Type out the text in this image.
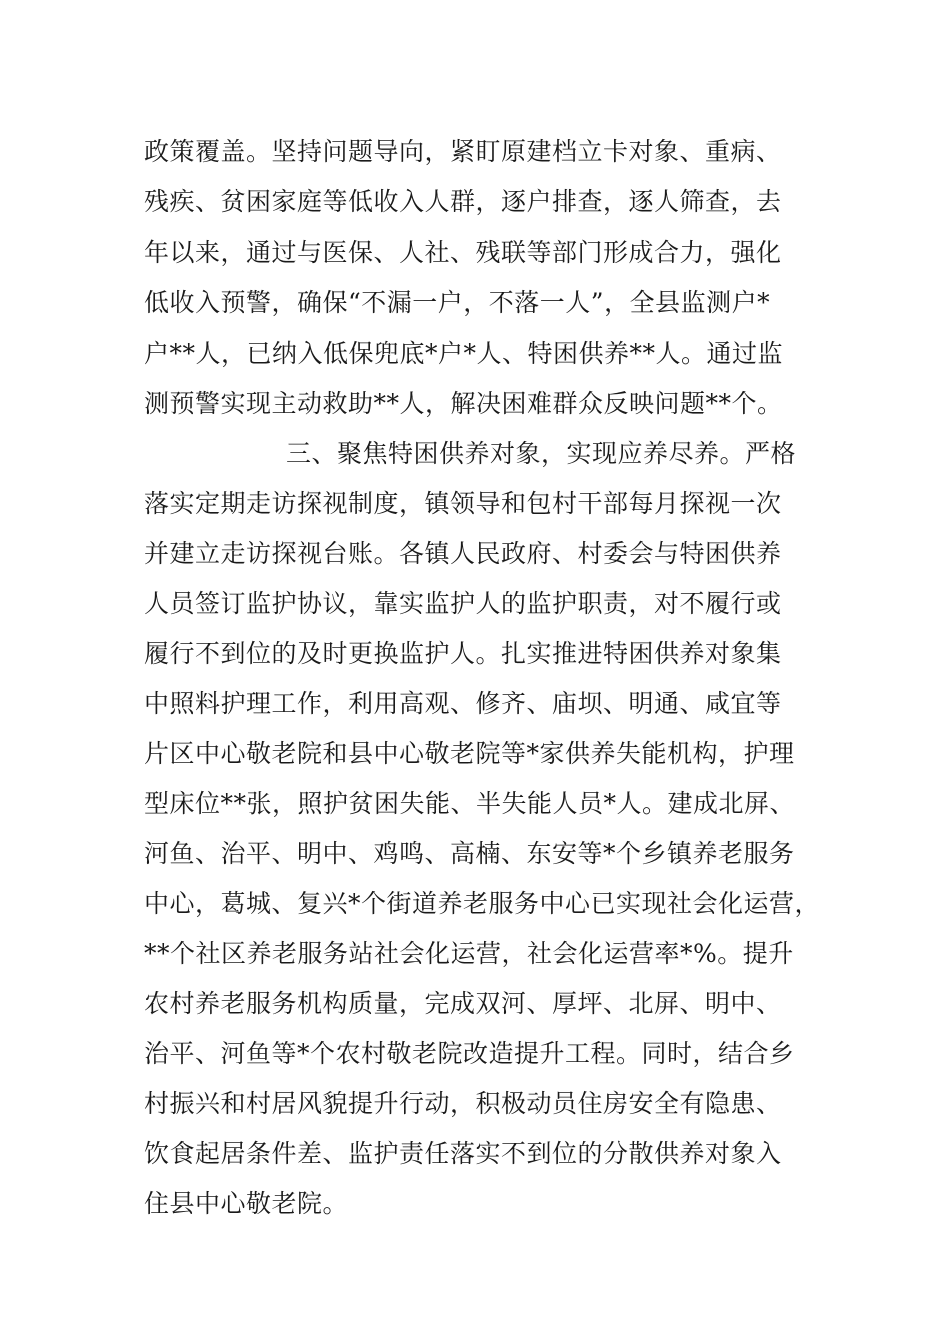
政策覆盖。坚持问题导向，紧盯原建档立卡对象、重病、
残疾、贫困家庭等低收入人群，逐户排查，逐人筛查，去
年以来，通过与医保、人社、残联等部门形成合力，强化
低收入预警，确保“不漏一户，不落一人”，全县监测户*
户**人，已纳入低保兜底*户*人、特困供养**人。通过监
测预警实现主动救助**人，解决困难群众反映问题**个。
三、聚焦特困供养对象，实现应养尽养。严格
落实定期走访探视制度，镇领导和包村干部每月探视一次
并建立走访探视台账。各镇人民政府、村委会与特困供养
人员签订监护协议，靠实监护人的监护职责，对不履行或
履行不到位的及时更换监护人。扎实推进特困供养对象集
中照料护理工作，利用高观、修齐、庙坝、明通、咸宜等
片区中心敬老院和县中心敬老院等*家供养失能机构，护理
型床位**张，照护贫困失能、半失能人员*人。建成北屏、
河鱼、治平、明中、鸡鸣、高楠、东安等*个乡镇养老服务
中心，葛城、复兴*个街道养老服务中心已实现社会化运营，
**个社区养老服务站社会化运营，社会化运营率*%。提升
农村养老服务机构质量，完成双河、厚坪、北屏、明中、
治平、河鱼等*个农村敬老院改造提升工程。同时，结合乡
村振兴和村居风貌提升行动，积极动员住房安全有隐患、
饮食起居条件差、监护责任落实不到位的分散供养对象入
住县中心敬老院。
